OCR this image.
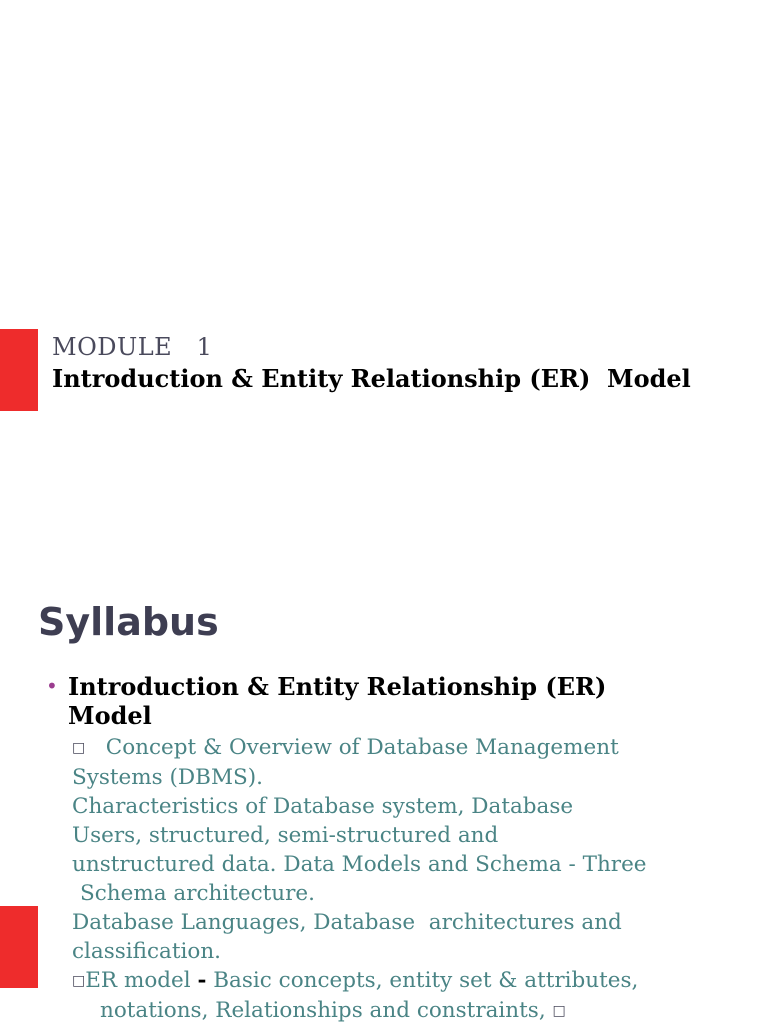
MODULE   1
Introduction & Entity Relationship (ER)  Model
Syllabus
• Introduction & Entity Relationship (ER) Model
□   Concept & Overview of Database Management
Systems (DBMS).
Characteristics of Database system, Database
Users, structured, semi-structured and
unstructured data. Data Models and Schema - Three
Schema architecture.
Database Languages, Database  architectures and
classification.
□ER model - Basic concepts, entity set & attributes,
notations, Relationships and constraints, □
